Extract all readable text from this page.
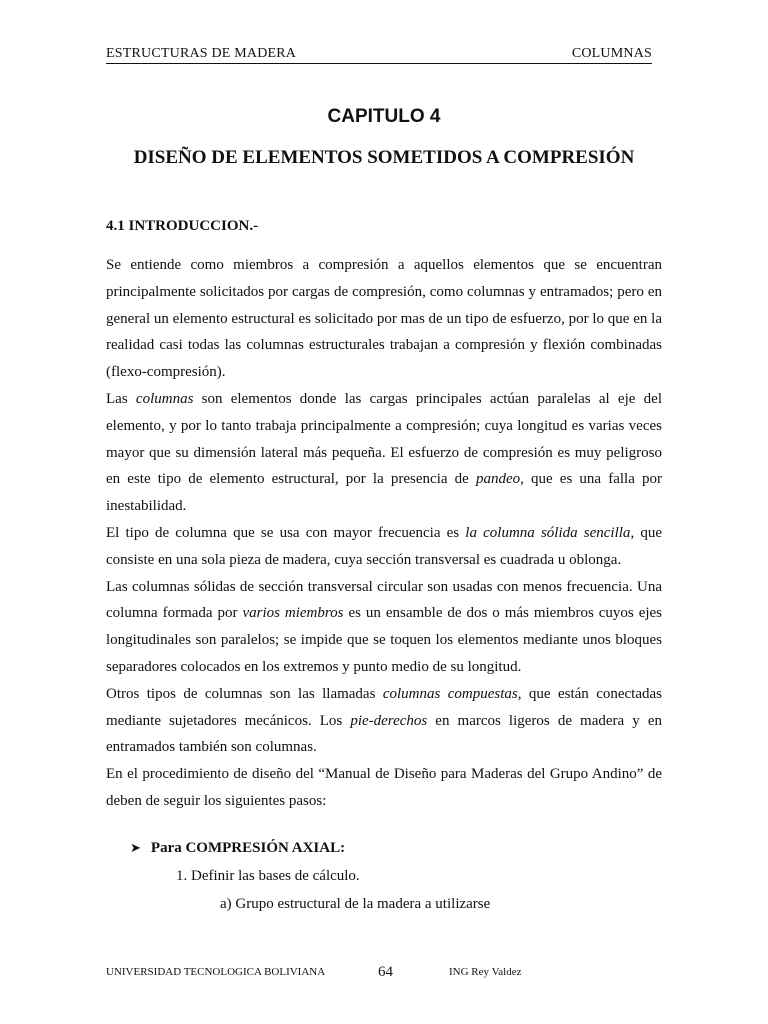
ESTRUCTURAS DE MADERA	COLUMNAS
CAPITULO 4
DISEÑO DE ELEMENTOS SOMETIDOS A COMPRESIÓN
4.1 INTRODUCCION.-

Se entiende como miembros a compresión a aquellos elementos que se encuentran principalmente solicitados por cargas de compresión, como columnas y entramados; pero en general un elemento estructural es solicitado por mas de un tipo de esfuerzo, por lo que en la realidad casi todas las columnas estructurales trabajan a compresión y flexión combinadas (flexo-compresión).

Las columnas son elementos donde las cargas principales actúan paralelas al eje del elemento, y por lo tanto trabaja principalmente a compresión; cuya longitud es varias veces mayor que su dimensión lateral más pequeña. El esfuerzo de compresión es muy peligroso en este tipo de elemento estructural, por la presencia de pandeo, que es una falla por inestabilidad.

El tipo de columna que se usa con mayor frecuencia es la columna sólida sencilla, que consiste en una sola pieza de madera, cuya sección transversal es cuadrada u oblonga.

Las columnas sólidas de sección transversal circular son usadas con menos frecuencia. Una columna formada por varios miembros es un ensamble de dos o más miembros cuyos ejes longitudinales son paralelos; se impide que se toquen los elementos mediante unos bloques separadores colocados en los extremos y punto medio de su longitud.

Otros tipos de columnas son las llamadas columnas compuestas, que están conectadas mediante sujetadores mecánicos. Los pie-derechos en marcos ligeros de madera y en entramados también son columnas.

En el procedimiento de diseño del “Manual de Diseño para Maderas del Grupo Andino” de deben de seguir los siguientes pasos:

➤ Para COMPRESIÓN AXIAL:
1. Definir las bases de cálculo.
a) Grupo estructural de la madera a utilizarse
UNIVERSIDAD TECNOLOGICA BOLIVIANA	64	ING Rey Valdez
